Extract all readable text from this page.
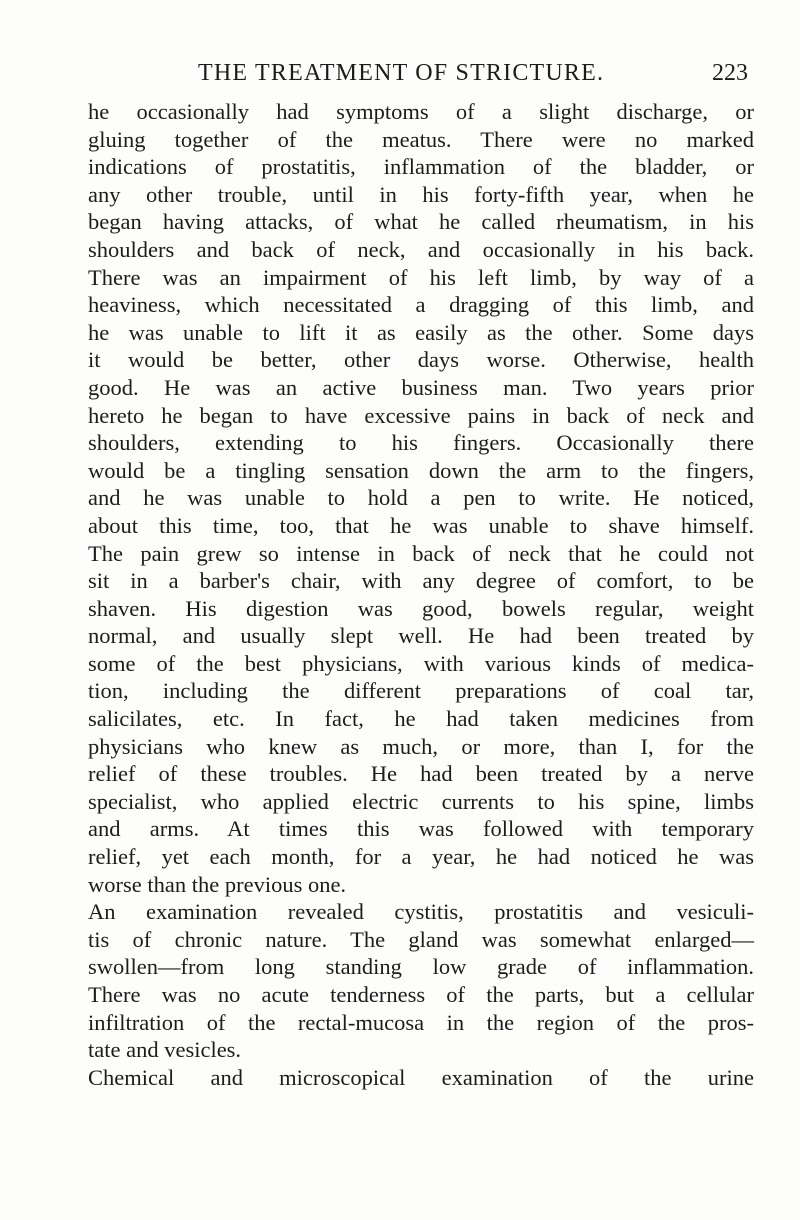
THE TREATMENT OF STRICTURE.	223
he occasionally had symptoms of a slight discharge, or
gluing together of the meatus. There were no marked
indications of prostatitis, inflammation of the bladder, or
any other trouble, until in his forty-fifth year, when he
began having attacks, of what he called rheumatism, in his
shoulders and back of neck, and occasionally in his back.
There was an impairment of his left limb, by way of a
heaviness, which necessitated a dragging of this limb, and
he was unable to lift it as easily as the other. Some days
it would be better, other days worse. Otherwise, health
good. He was an active business man. Two years prior
hereto he began to have excessive pains in back of neck and
shoulders, extending to his fingers. Occasionally there
would be a tingling sensation down the arm to the fingers,
and he was unable to hold a pen to write. He noticed,
about this time, too, that he was unable to shave himself.
The pain grew so intense in back of neck that he could not
sit in a barber's chair, with any degree of comfort, to be
shaven. His digestion was good, bowels regular, weight
normal, and usually slept well. He had been treated by
some of the best physicians, with various kinds of medica-
tion, including the different preparations of coal tar,
salicilates, etc. In fact, he had taken medicines from
physicians who knew as much, or more, than I, for the
relief of these troubles. He had been treated by a nerve
specialist, who applied electric currents to his spine, limbs
and arms. At times this was followed with temporary
relief, yet each month, for a year, he had noticed he was
worse than the previous one.
An examination revealed cystitis, prostatitis and vesiculi-
tis of chronic nature. The gland was somewhat enlarged—
swollen—from long standing low grade of inflammation.
There was no acute tenderness of the parts, but a cellular
infiltration of the rectal-mucosa in the region of the pros-
tate and vesicles.
Chemical and microscopical examination of the urine
